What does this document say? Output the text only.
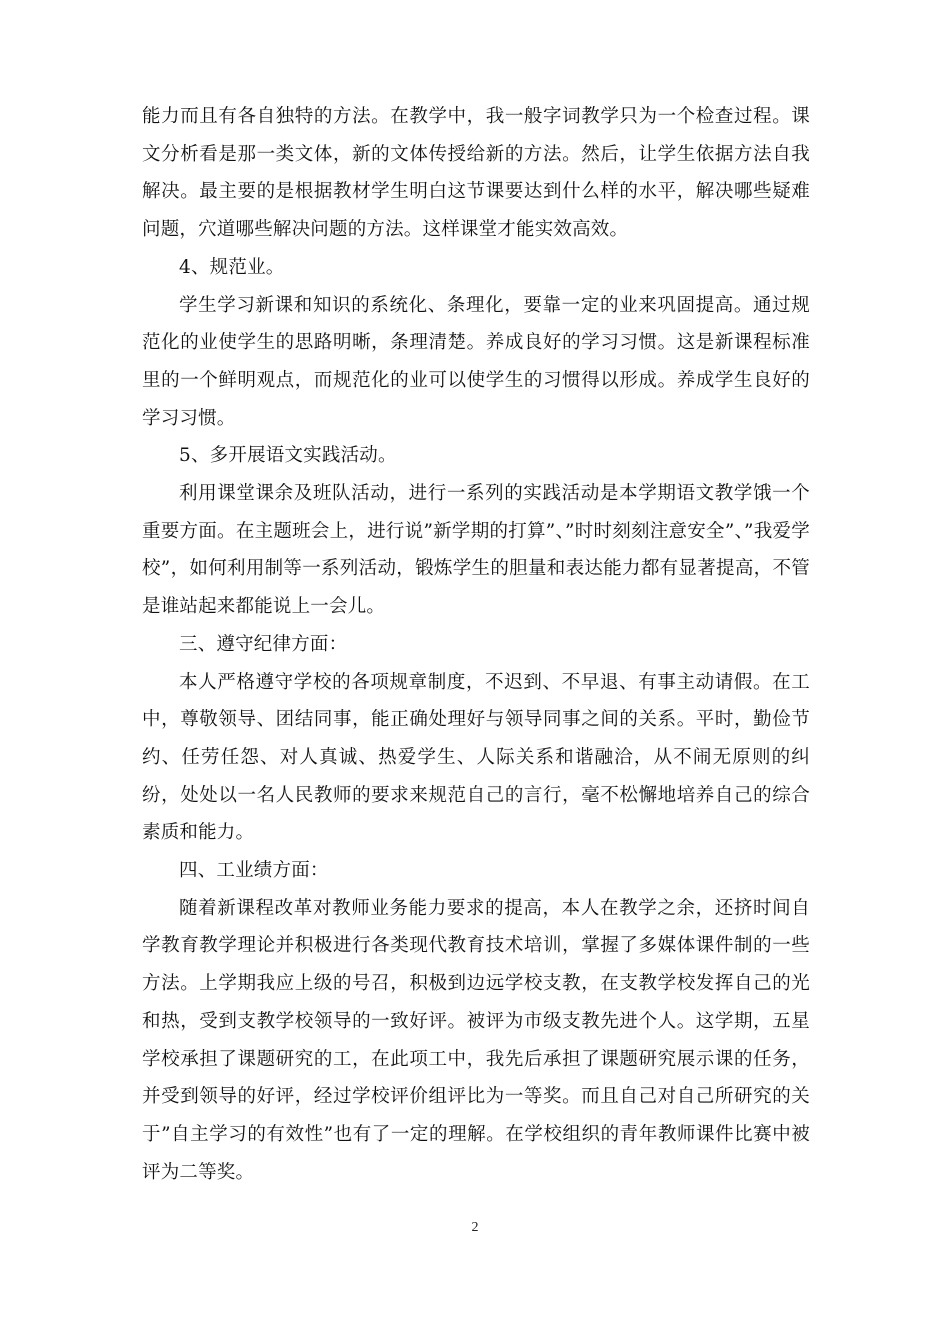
能力而且有各自独特的方法。在教学中，我一般字词教学只为一个检查过程。课文分析看是那一类文体，新的文体传授给新的方法。然后，让学生依据方法自我解决。最主要的是根据教材学生明白这节课要达到什么样的水平，解决哪些疑难问题，穴道哪些解决问题的方法。这样课堂才能实效高效。

4、规范业。

学生学习新课和知识的系统化、条理化，要靠一定的业来巩固提高。通过规范化的业使学生的思路明晰，条理清楚。养成良好的学习习惯。这是新课程标准里的一个鲜明观点，而规范化的业可以使学生的习惯得以形成。养成学生良好的学习习惯。

5、多开展语文实践活动。

利用课堂课余及班队活动，进行一系列的实践活动是本学期语文教学饿一个重要方面。在主题班会上，进行说”新学期的打算”、”时时刻刻注意安全”、”我爱学校”，如何利用制等一系列活动，锻炼学生的胆量和表达能力都有显著提高，不管是谁站起来都能说上一会儿。

三、遵守纪律方面：

本人严格遵守学校的各项规章制度，不迟到、不早退、有事主动请假。在工中，尊敬领导、团结同事，能正确处理好与领导同事之间的关系。平时，勤俭节约、任劳任怨、对人真诚、热爱学生、人际关系和谐融洽，从不闹无原则的纠纷，处处以一名人民教师的要求来规范自己的言行，毫不松懈地培养自己的综合素质和能力。

四、工业绩方面：

随着新课程改革对教师业务能力要求的提高，本人在教学之余，还挤时间自学教育教学理论并积极进行各类现代教育技术培训，掌握了多媒体课件制的一些方法。上学期我应上级的号召，积极到边远学校支教，在支教学校发挥自己的光和热，受到支教学校领导的一致好评。被评为市级支教先进个人。这学期，五星学校承担了课题研究的工，在此项工中，我先后承担了课题研究展示课的任务，并受到领导的好评，经过学校评价组评比为一等奖。而且自己对自己所研究的关于”自主学习的有效性”也有了一定的理解。在学校组织的青年教师课件比赛中被评为二等奖。

2
